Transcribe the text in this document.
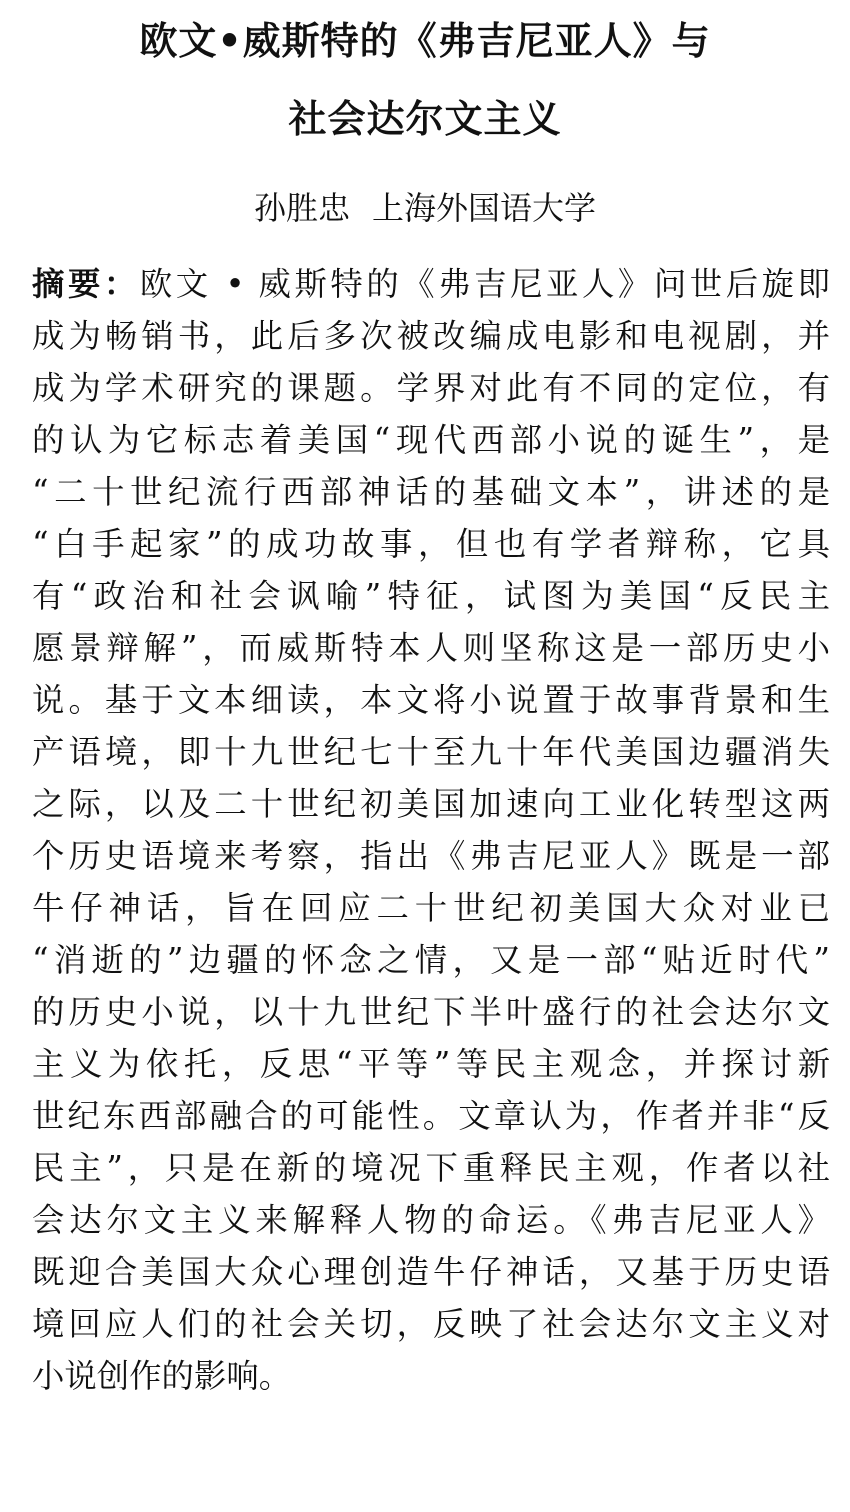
欧文•威斯特的《弗吉尼亚人》与
社会达尔文主义
孙胜忠 上海外国语大学
摘要：欧文 • 威斯特的《弗吉尼亚人》问世后旋即
成为畅销书，此后多次被改编成电影和电视剧，并
成为学术研究的课题。学界对此有不同的定位，有
的认为它标志着美国“现代西部小说的诞生”，是
“二十世纪流行西部神话的基础文本”，讲述的是
“白手起家”的成功故事，但也有学者辩称，它具
有“政治和社会讽喻”特征，试图为美国“反民主
愿景辩解”，而威斯特本人则坚称这是一部历史小
说。基于文本细读，本文将小说置于故事背景和生
产语境，即十九世纪七十至九十年代美国边疆消失
之际，以及二十世纪初美国加速向工业化转型这两
个历史语境来考察，指出《弗吉尼亚人》既是一部
牛仔神话，旨在回应二十世纪初美国大众对业已
“消逝的”边疆的怀念之情，又是一部“贴近时代”
的历史小说，以十九世纪下半叶盛行的社会达尔文
主义为依托，反思“平等”等民主观念，并探讨新
世纪东西部融合的可能性。文章认为，作者并非“反
民主”，只是在新的境况下重释民主观，作者以社
会达尔文主义来解释人物的命运。《弗吉尼亚人》
既迎合美国大众心理创造牛仔神话，又基于历史语
境回应人们的社会关切，反映了社会达尔文主义对
小说创作的影响。
